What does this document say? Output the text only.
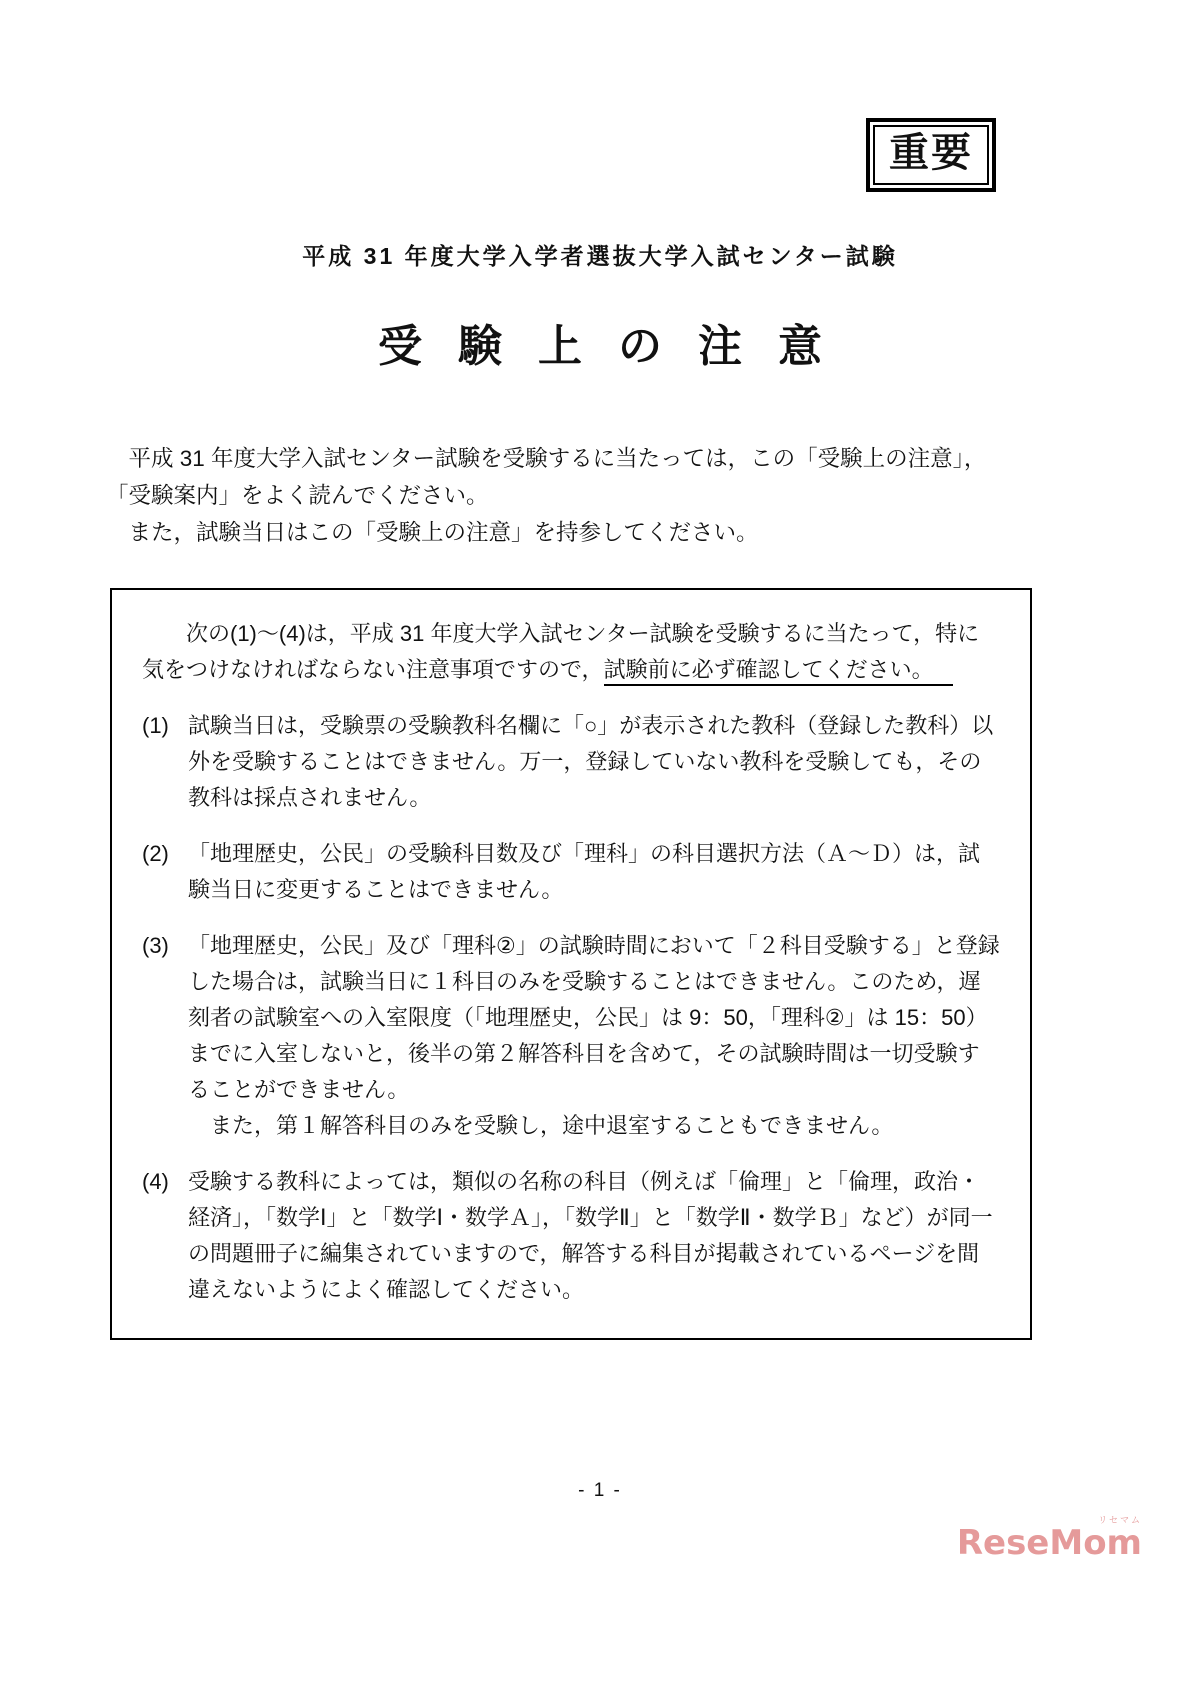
重要
平成 31 年度大学入学者選抜大学入試センター試験
受験上の注意
平成 31 年度大学入試センター試験を受験するに当たっては，この「受験上の注意」，
「受験案内」をよく読んでください。
また，試験当日はこの「受験上の注意」を持参してください。

次の(1)～(4)は，平成 31 年度大学入試センター試験を受験するに当たって，特に気をつけなければならない注意事項ですので，試験前に必ず確認してください。

(1) 試験当日は，受験票の受験教科名欄に「○」が表示された教科（登録した教科）以外を受験することはできません。万一，登録していない教科を受験しても，その教科は採点されません。

(2) 「地理歴史，公民」の受験科目数及び「理科」の科目選択方法（Ａ～Ｄ）は，試験当日に変更することはできません。

(3) 「地理歴史，公民」及び「理科②」の試験時間において「２科目受験する」と登録した場合は，試験当日に１科目のみを受験することはできません。このため，遅刻者の試験室への入室限度（「地理歴史，公民」は 9：50，「理科②」は 15：50）までに入室しないと，後半の第２解答科目を含めて，その試験時間は一切受験することができません。

また，第１解答科目のみを受験し，途中退室することもできません。

(4) 受験する教科によっては，類似の名称の科目（例えば「倫理」と「倫理，政治・経済」，「数学Ⅰ」と「数学Ⅰ・数学Ａ」，「数学Ⅱ」と「数学Ⅱ・数学Ｂ」など）が同一の問題冊子に編集されていますので，解答する科目が掲載されているページを間違えないようによく確認してください。

- 1 -
リセマム
ReseMom
